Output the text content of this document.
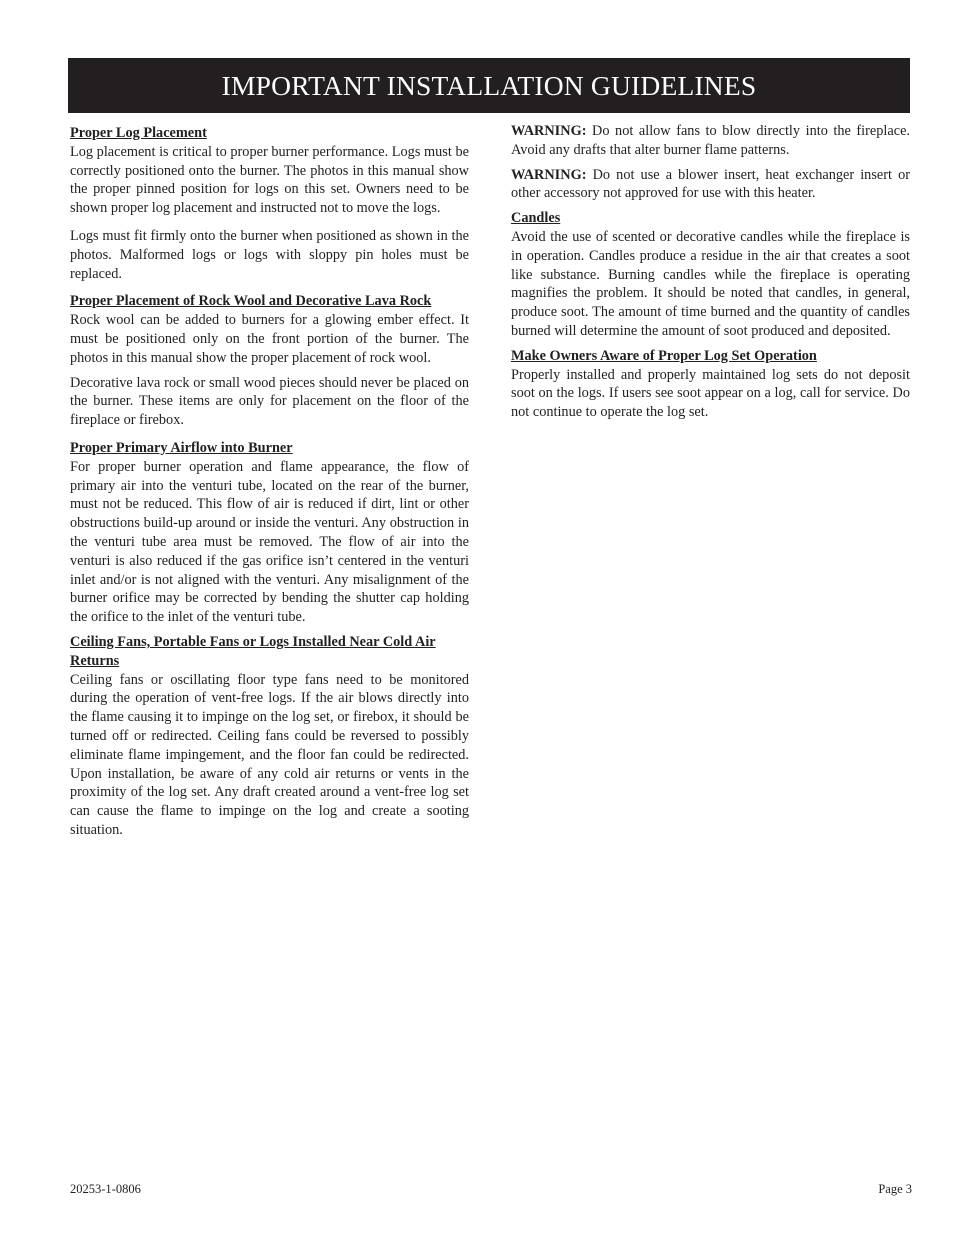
IMPORTANT INSTALLATION GUIDELINES
Proper Log Placement

Log placement is critical to proper burner performance. Logs must be correctly positioned onto the burner. The photos in this manual show the proper pinned position for logs on this set. Owners need to be shown proper log placement and instructed not to move the logs.

Logs must fit firmly onto the burner when positioned as shown in the photos. Malformed logs or logs with sloppy pin holes must be replaced.

Proper Placement of Rock Wool and Decorative Lava Rock

Rock wool can be added to burners for a glowing ember effect. It must be positioned only on the front portion of the burner. The photos in this manual show the proper placement of rock wool.

Decorative lava rock or small wood pieces should never be placed on the burner. These items are only for placement on the floor of the fireplace or firebox.

Proper Primary Airflow into Burner

For proper burner operation and flame appearance, the flow of primary air into the venturi tube, located on the rear of the burner, must not be reduced. This flow of air is reduced if dirt, lint or other obstructions build-up around or inside the venturi. Any obstruction in the venturi tube area must be removed. The flow of air into the venturi is also reduced if the gas orifice isn’t centered in the venturi inlet and/or is not aligned with the venturi. Any misalignment of the burner orifice may be corrected by bending the shutter cap holding the orifice to the inlet of the venturi tube.

Ceiling Fans, Portable Fans or Logs Installed Near Cold Air Returns

Ceiling fans or oscillating floor type fans need to be monitored during the operation of vent-free logs. If the air blows directly into the flame causing it to impinge on the log set, or firebox, it should be turned off or redirected. Ceiling fans could be reversed to possibly eliminate flame impingement, and the floor fan could be redirected. Upon installation, be aware of any cold air returns or vents in the proximity of the log set. Any draft created around a vent-free log set can cause the flame to impinge on the log and create a sooting situation.

WARNING: Do not allow fans to blow directly into the fireplace. Avoid any drafts that alter burner flame patterns.

WARNING: Do not use a blower insert, heat exchanger insert or other accessory not approved for use with this heater.

Candles

Avoid the use of scented or decorative candles while the fireplace is in operation. Candles produce a residue in the air that creates a soot like substance. Burning candles while the fireplace is operating magnifies the problem. It should be noted that candles, in general, produce soot. The amount of time burned and the quantity of candles burned will determine the amount of soot produced and deposited.

Make Owners Aware of Proper Log Set Operation

Properly installed and properly maintained log sets do not deposit soot on the logs. If users see soot appear on a log, call for service. Do not continue to operate the log set.

20253-1-0806	Page 3
